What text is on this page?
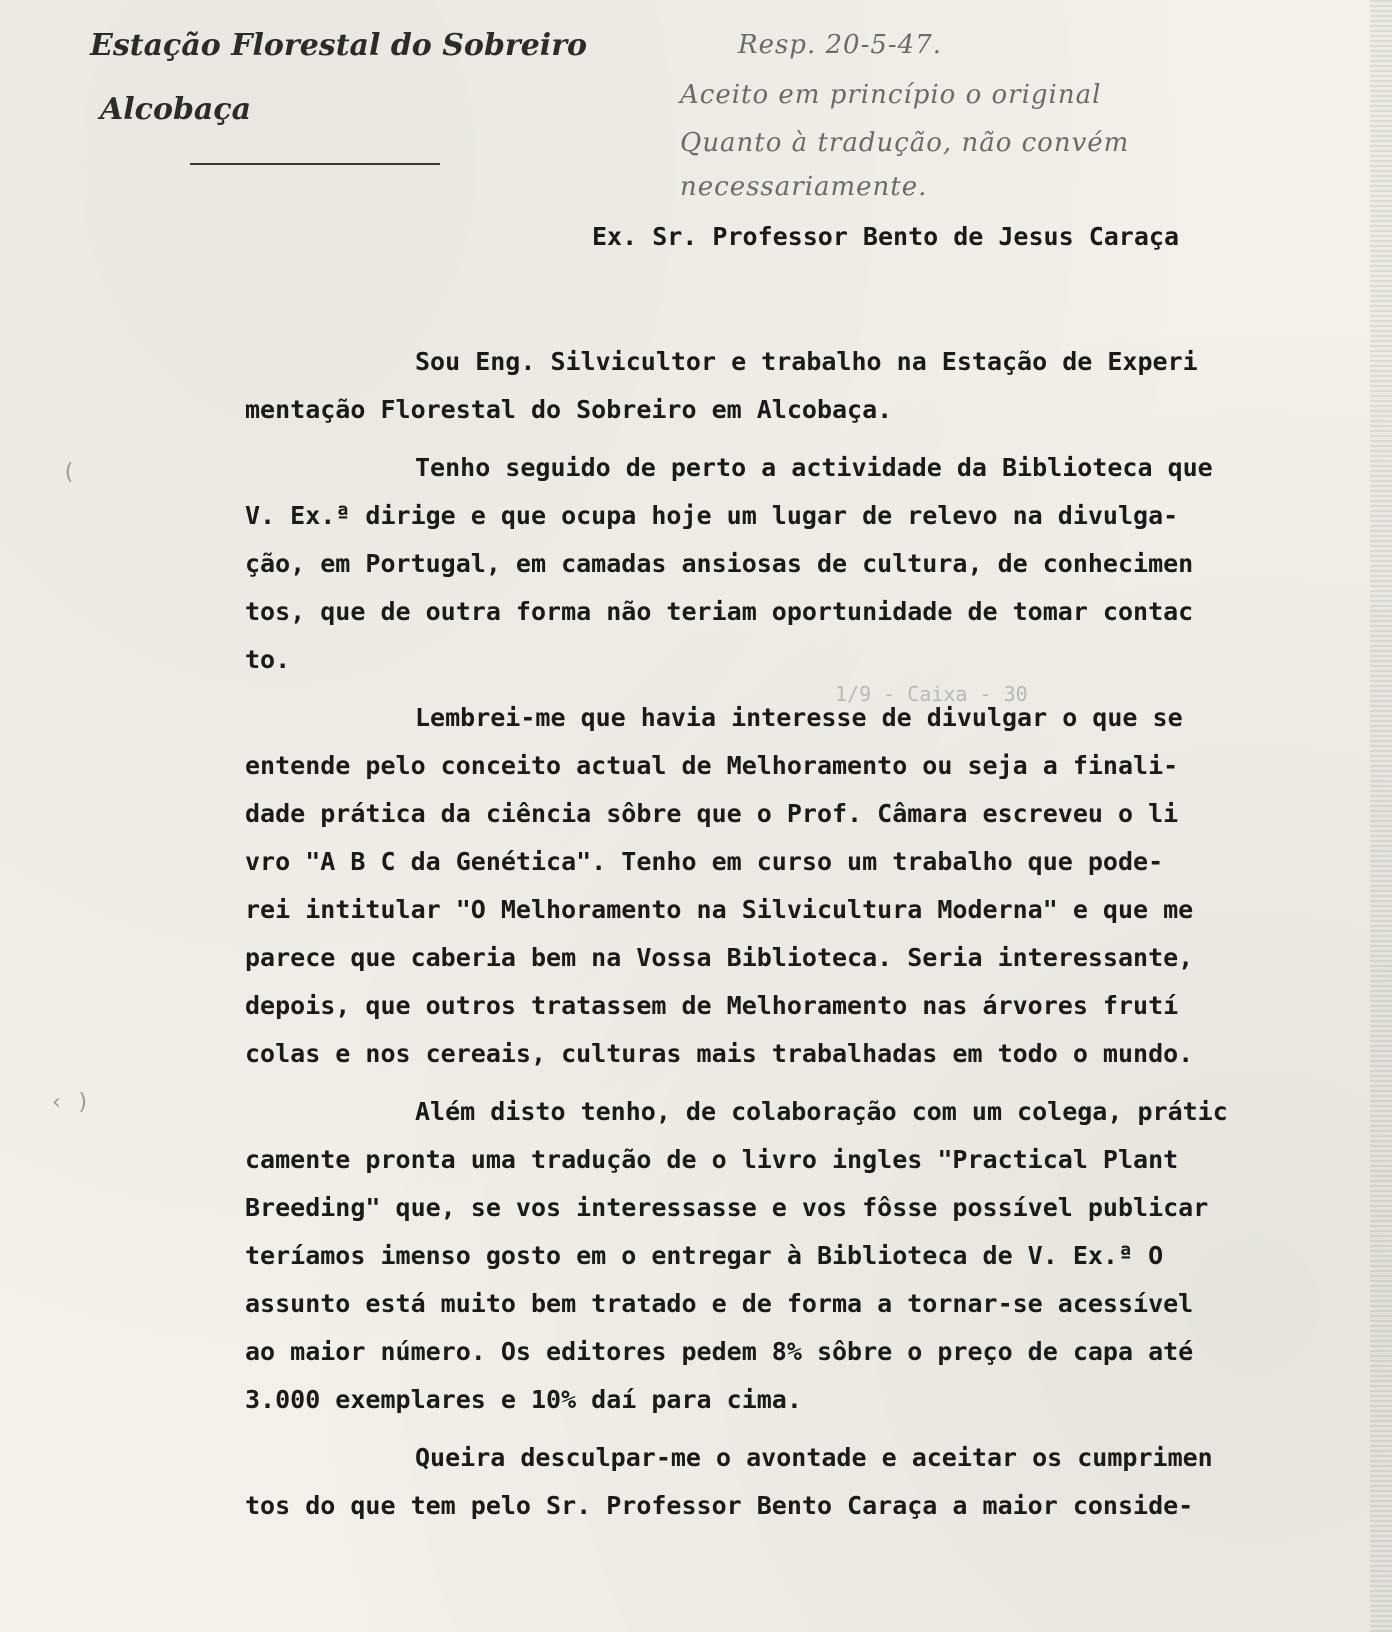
Estação Florestal do Sobreiro
Alcobaça
Resp. 20-5-47.
Aceito em princípio o original
Quanto à tradução, não convém
necessariamente.
Ex. Sr. Professor Bento de Jesus Caraça
1/9 - Caixa - 30
(
‹ )
Sou Eng. Silvicultor e trabalho na Estação de Experi
mentação Florestal do Sobreiro em Alcobaça.
Tenho seguido de perto a actividade da Biblioteca que
V. Ex.ª dirige e que ocupa hoje um lugar de relevo na divulga-
ção, em Portugal, em camadas ansiosas de cultura, de conhecimen
tos, que de outra forma não teriam oportunidade de tomar contac
to.
Lembrei-me que havia interesse de divulgar o que se
entende pelo conceito actual de Melhoramento ou seja a finali-
dade prática da ciência sôbre que o Prof. Câmara escreveu o li
vro "A B C da Genética". Tenho em curso um trabalho que pode-
rei intitular "O Melhoramento na Silvicultura Moderna" e que me
parece que caberia bem na Vossa Biblioteca. Seria interessante,
depois, que outros tratassem de Melhoramento nas árvores frutí
colas e nos cereais, culturas mais trabalhadas em todo o mundo.
Além disto tenho, de colaboração com um colega, prátic
camente pronta uma tradução de o livro ingles "Practical Plant
Breeding" que, se vos interessasse e vos fôsse possível publicar
teríamos imenso gosto em o entregar à Biblioteca de V. Ex.ª O
assunto está muito bem tratado e de forma a tornar-se acessível
ao maior número. Os editores pedem 8% sôbre o preço de capa até
3.000 exemplares e 10% daí para cima.
Queira desculpar-me o avontade e aceitar os cumprimen
tos do que tem pelo Sr. Professor Bento Caraça a maior conside-
